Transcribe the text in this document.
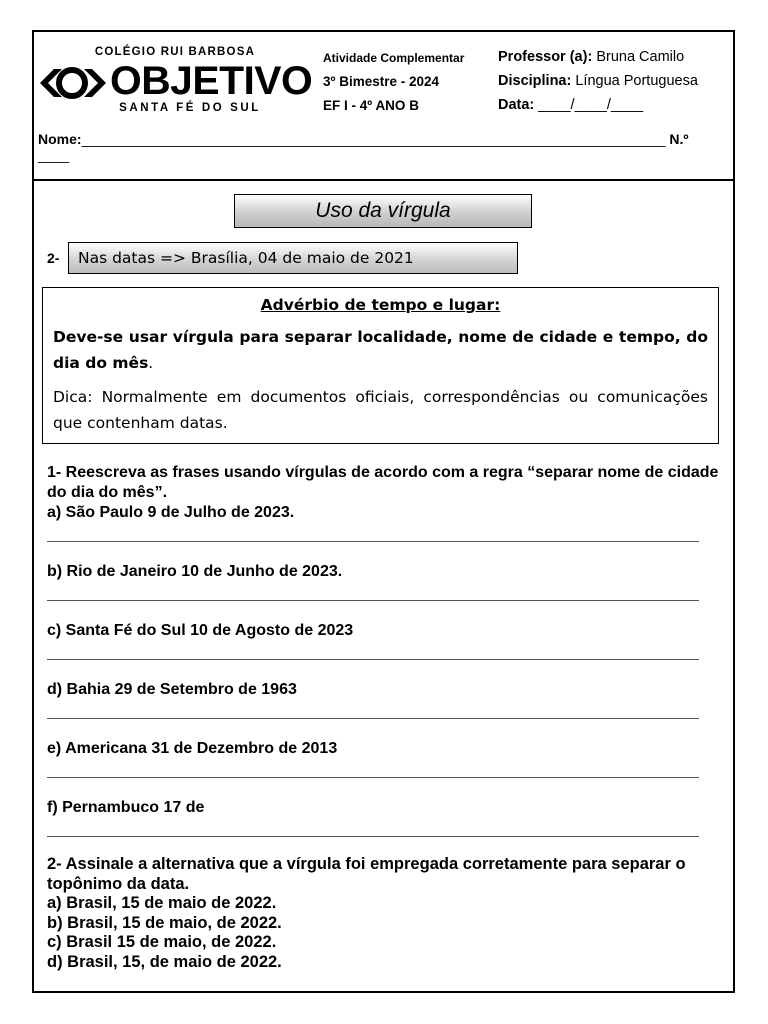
COLÉGIO RUI BARBOSA
OBJETIVO
SANTA FÉ DO SUL
Atividade Complementar
3º Bimestre - 2024
EF I - 4º ANO B
Professor (a): Bruna Camilo
Disciplina: Língua Portuguesa
Data: ____/____/____
Nome:___________________________________________________________________________ N.º ____
Uso da vírgula
2-	Nas datas => Brasília, 04 de maio de 2021
Advérbio de tempo e lugar:
Deve-se usar vírgula para separar localidade, nome de cidade e tempo, do dia do mês.
Dica: Normalmente em documentos oficiais, correspondências ou comunicações que contenham datas.
1- Reescreva as frases usando vírgulas de acordo com a regra “separar nome de cidade do dia do mês”.
a) São Paulo 9 de Julho de 2023.
b) Rio de Janeiro 10 de Junho de 2023.
c) Santa Fé do Sul 10 de Agosto de 2023
d) Bahia 29 de Setembro de 1963
e) Americana 31 de Dezembro de 2013
f) Pernambuco 17 de
2- Assinale a alternativa que a vírgula foi empregada corretamente para separar o topônimo da data.
a) Brasil, 15 de maio de 2022.
b) Brasil, 15 de maio, de 2022.
c) Brasil 15 de maio, de 2022.
d) Brasil, 15, de maio de 2022.
